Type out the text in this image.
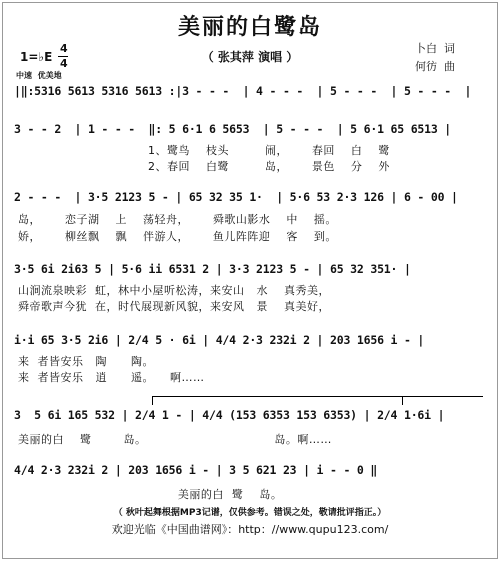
美丽的白鹭岛
（ 张其萍 演唱 ）
卜白  词
何彷  曲
1=♭E
4
4
中速  优美地
|‖:5316 5613 5316 5613 :|3 - - -  | 4 - - -  | 5 - - -  | 5 - - -  |
3 - - 2  | 1 - - -  ‖: 5 6·1 6 5653  | 5 - - -  | 5 6·1 65 6513 |
1、鹭鸟    枝头         闹，      春回    白    鹭
2、春回    白鹭         岛，      景色    分    外
2 - - -  | 3·5 2123 5 - | 65 32 35 1·  | 5·6 53 2·3 126 | 6 - 00 |
岛，      恋子湖    上    荡轻舟，      舜歌山影水    中    摇。
娇，      柳丝飘    飘    伴游人，      鱼儿阵阵迎    客    到。
3·5 6i 2i63 5 | 5·6 ii 6531 2 | 3·3 2123 5 - | 65 32 351· |
山涧流泉映彩  虹，林中小屋听松涛，来安山   水    真秀美，
舜帝歌声今犹  在，时代展现新风貌，来安风   景    真美好，
i·i 65 3·5 2i6 | 2/4 5 · 6i | 4/4 2·3 232i 2 | 203 1656 i - |
来  者皆安乐   陶      陶。
来  者皆安乐   逍      遥。    啊……
3  5 6i 165 532 | 2/4 1 - | 4/4 (153 6353 153 6353) | 2/4 1·6i |
美丽的白    鹭        岛。                                岛。啊……
4/4 2·3 232i 2 | 203 1656 i - | 3 5 621 23 | i - - 0 ‖
美丽的白  鹭    岛。
（ 秋叶起舞根据MP3记谱，仅供参考。错误之处，敬请批评指正。）
欢迎光临《中国曲谱网》：http：//www.qupu123.com/
